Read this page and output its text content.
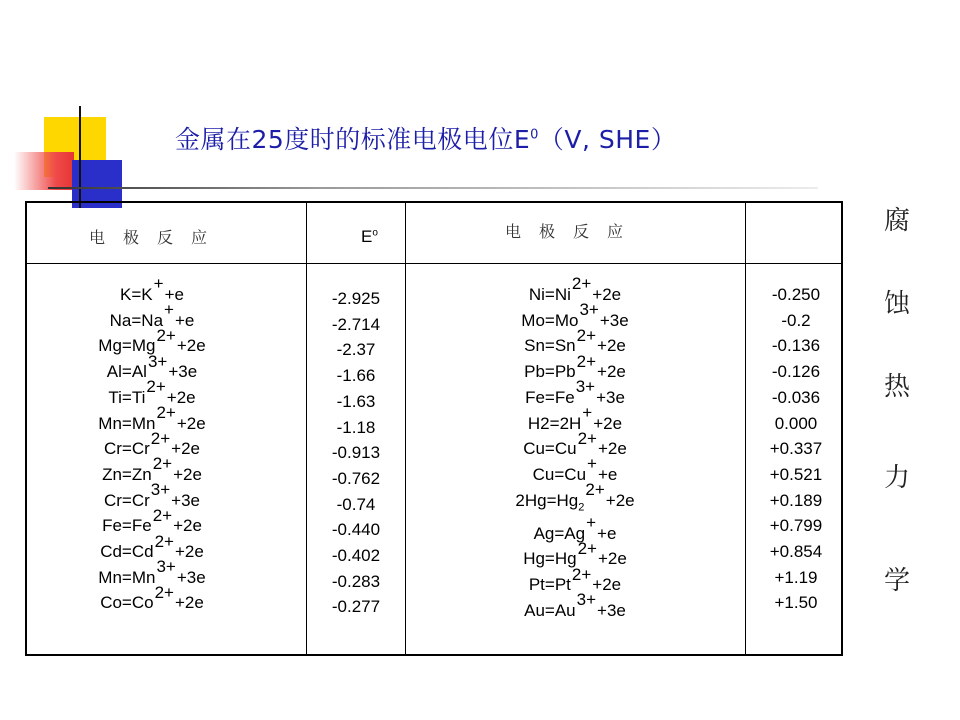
金属在25度时的标准电极电位$E^0(V$, SHE）
电极反应	$E^o$	电极反应
K=K++e
Na=Na++e
$Mg=Mg^{2+}+2e$
$Al=Al^{3+}+3e$
$Ti=Ti^{2+}+2e$
$Mn=Mn^{2+}+2e$
$Cr=Cr^{2+}+2e$
$Zn=Zn^{2+}+2e$
$Cr=Cr^{3+}+3e$
$Fe=Fe^{2+}+2e$
$Cd=Cd^{2+}+2e$
$Mn=Mn^{3+}+3e$
$Co=Co^{2+}+2e$
-2.925
-2.714
-2.37
-1.66
-1.63
-1.18
-0.913
-0.762
-0.74
-0.440
-0.402
-0.283
-0.277
$Ni=Ni^{2+}+2e$
$Mo=Mo^{3+}+3e$
$Sn=Sn^{2+}+2e$
$Pb=Pb^{2+}+2e$
$Fe=Fe^{3+}+3e$
H2=2H++2e
$Cu=Cu^{2+}+2e$
Cu=Cu++e
$2Hg=Hg_2^{2+}+2e$
Ag=Ag++e
$Hg=Hg^{2+}+2e$
$Pt=Pt^{2+}+2e$
$Au=Au^{3+}+3e$
-0.250
-0.2
-0.136
-0.126
-0.036
0.000
+0.337
+0.521
+0.189
+0.799
+0.854
+1.19
+1.50
腐
蚀
热
力
学
